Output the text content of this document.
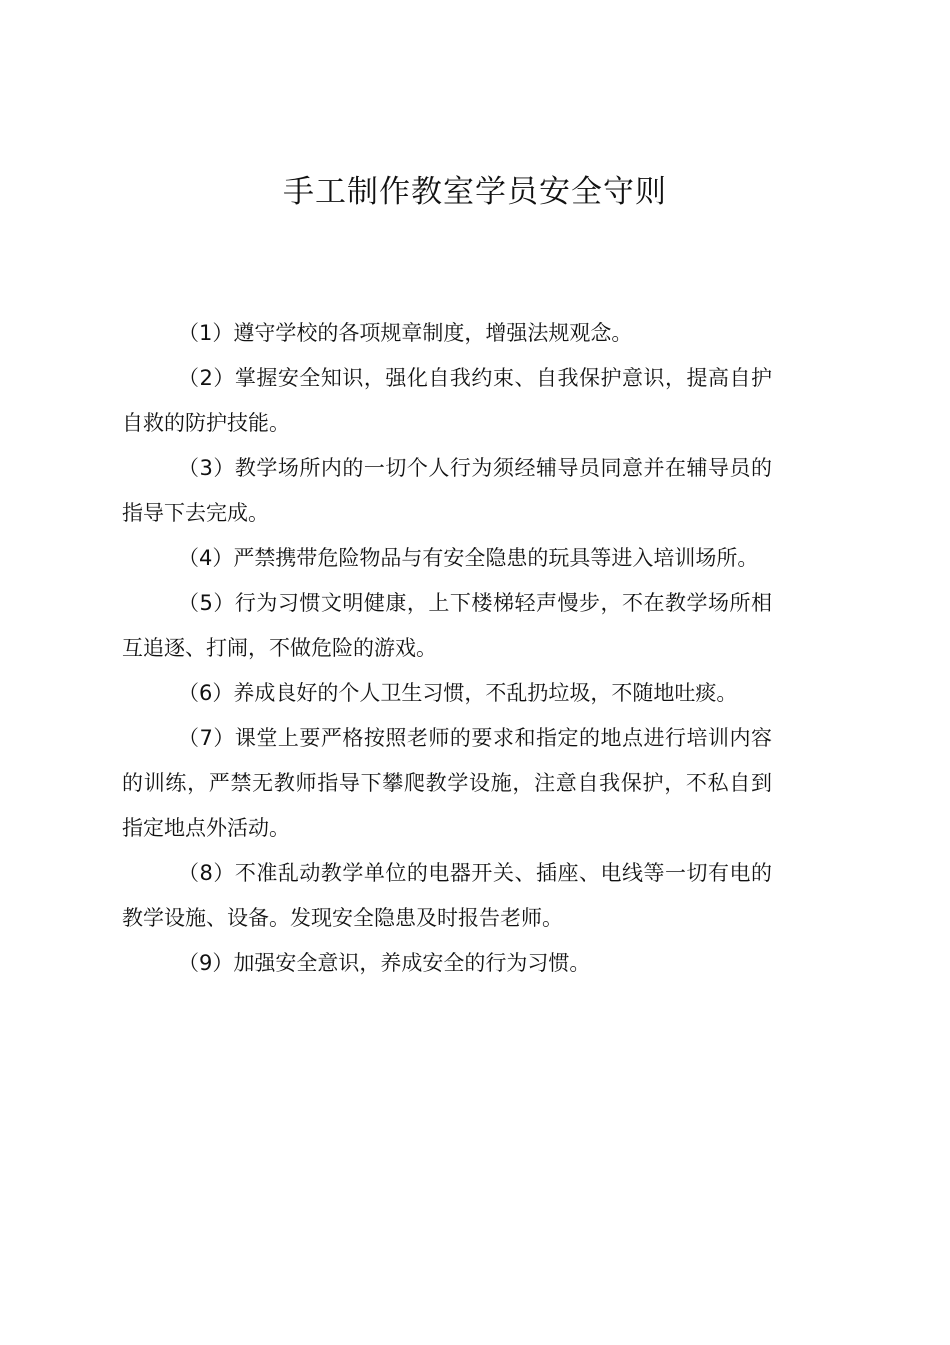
手工制作教室学员安全守则

（1）遵守学校的各项规章制度，增强法规观念。

（2）掌握安全知识，强化自我约束、自我保护意识，提高自护自救的防护技能。

（3）教学场所内的一切个人行为须经辅导员同意并在辅导员的指导下去完成。

（4）严禁携带危险物品与有安全隐患的玩具等进入培训场所。

（5）行为习惯文明健康，上下楼梯轻声慢步，不在教学场所相互追逐、打闹，不做危险的游戏。

（6）养成良好的个人卫生习惯，不乱扔垃圾，不随地吐痰。

（7）课堂上要严格按照老师的要求和指定的地点进行培训内容的训练，严禁无教师指导下攀爬教学设施，注意自我保护，不私自到指定地点外活动。

（8）不准乱动教学单位的电器开关、插座、电线等一切有电的教学设施、设备。发现安全隐患及时报告老师。

（9）加强安全意识，养成安全的行为习惯。
